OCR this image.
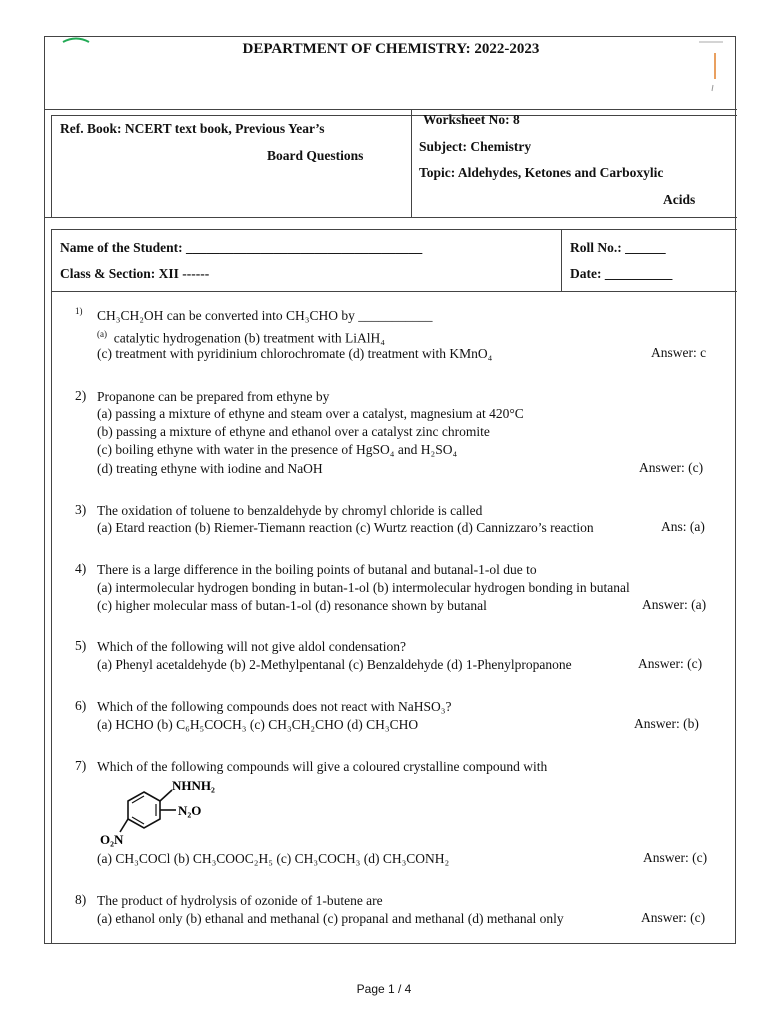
DEPARTMENT OF CHEMISTRY: 2022-2023
Ref. Book: NCERT text book, Previous Year’s
Board Questions
Worksheet No: 8
Subject: Chemistry
Topic: Aldehydes, Ketones and Carboxylic
Acids
Name of the Student: ___________________________________
Class & Section: XII ------
Roll No.: ______
Date: __________
1) CH₃CH₂OH can be converted into CH₃CHO by ___________
$^{(a)}$ catalytic hydrogenation (b) treatment with LiAlH₄
(c) treatment with pyridinium chlorochromate (d) treatment with KMnO₄	Answer: c
2) Propanone can be prepared from ethyne by
(a) passing a mixture of ethyne and steam over a catalyst, magnesium at 420°C
(b) passing a mixture of ethyne and ethanol over a catalyst zinc chromite
(c) boiling ethyne with water in the presence of HgSO₄ and H₂SO₄
(d) treating ethyne with iodine and NaOH	Answer: (c)
3) The oxidation of toluene to benzaldehyde by chromyl chloride is called
(a) Etard reaction (b) Riemer-Tiemann reaction (c) Wurtz reaction (d) Cannizzaro’s reaction	Ans: (a)
4) There is a large difference in the boiling points of butanal and butanal-1-ol due to
(a) intermolecular hydrogen bonding in butan-1-ol (b) intermolecular hydrogen bonding in butanal
(c) higher molecular mass of butan-1-ol (d) resonance shown by butanal	Answer: (a)
5) Which of the following will not give aldol condensation?
(a) Phenyl acetaldehyde (b) 2-Methylpentanal (c) Benzaldehyde (d) 1-Phenylpropanone	Answer: (c)
6) Which of the following compounds does not react with NaHSO₃?
(a) HCHO (b) C₆H₅COCH₃ (c) CH₃CH₂CHO (d) CH₃CHO	Answer: (b)
7) Which of the following compounds will give a coloured crystalline compound with
NHNH₂
N₂O
O₂N
(a) CH₃COCl (b) CH₃COOC₂H₅ (c) CH₃COCH₃ (d) CH₃CONH₂	Answer: (c)
8) The product of hydrolysis of ozonide of 1-butene are
(a) ethanol only (b) ethanal and methanal (c) propanal and methanal (d) methanal only	Answer: (c)
Page 1 / 4
